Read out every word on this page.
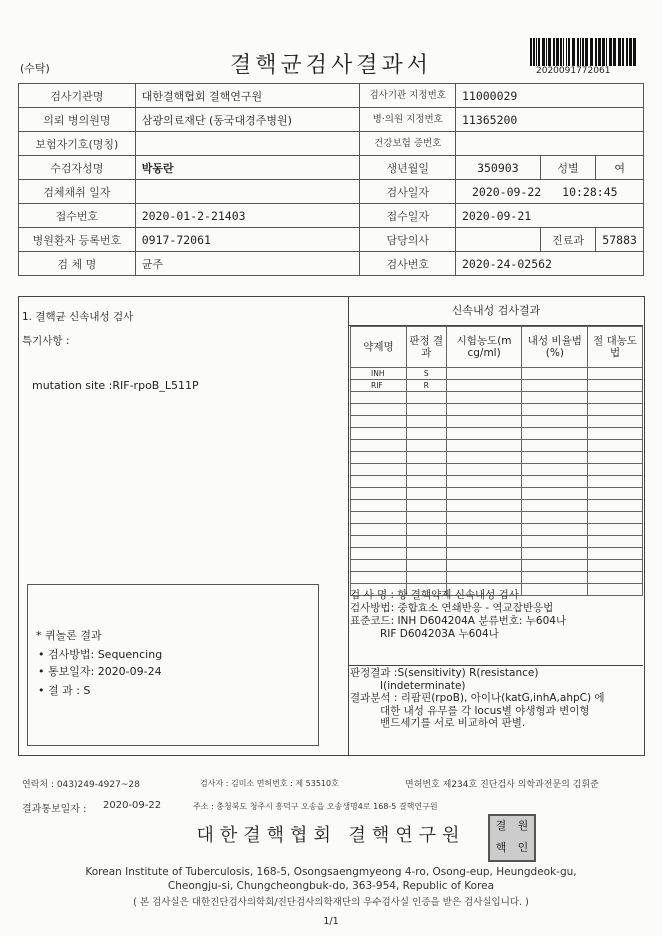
(수탁)	결핵균검사결과서	2020091772061
검사기관명	대한결핵협회 결핵연구원	검사기관 지정번호	11000029		
의뢰 병의원명	삼광의료재단 (동국대경주병원)	병·의원 지정번호	11365200		
보험자기호(명칭)		건강보험 증번호			
수검자성명	박동란	생년월일	350903	성별	여
검체채취 일자		검사일자	2020-09-22 10:28:45		
접수번호	2020-01-2-21403	접수일자	2020-09-21		
병원환자 등록번호	0917-72061	담당의사		진료과	57883
검 체 명	균주	검사번호	2020-24-02562		
1. 결핵균 신속내성 검사
특기사항 :
mutation site :RIF-rpoB_L511P
* 퀴놀론 결과
• 검사방법: Sequencing
• 통보일자: 2020-09-24
• 결 과 : S
신속내성 검사결과
약제명	판정 결과	시험농도(m cg/ml)	내성 비율범(%)	절 대농도 법
INH	S			
RIF	R			

검 사 명 : 항 결핵약제 신속내성 검사
검사방법: 중합효소 연쇄반응 - 역교잡반응법
표준코드: INH D604204A 분류번호: 누604나
RIF D604203A 누604나
판정결과 :S(sensitivity) R(resistance)
I(indeterminate)
결과분석 : 리팜핀(rpoB), 아이나(katG,inhA,ahpC) 에
대한 내성 유무를 각 locus별 야생형과 변이형
밴드세기를 서로 비교하여 판별.
연락처 : 043)249-4927~28	검사자 : 김미소 면허번호 : 제 53510호	면허번호 제234호 진단검사 의학과전문의 김휘준
결과통보일자 : 2020-09-22	주소 : 충청북도 청주시 흥덕구 오송읍 오송생명4로 168-5 결핵연구원
대한결핵협회 결핵연구원	결	원
핵	인
Korean Institute of Tuberculosis, 168-5, Osongsaengmyeong 4-ro, Osong-eup, Heungdeok-gu,
Cheongju-si, Chungcheongbuk-do, 363-954, Republic of Korea
( 본 검사실은 대한진단검사의학회/진단검사의학재단의 우수검사실 인증을 받은 검사실입니다. )
1/1
